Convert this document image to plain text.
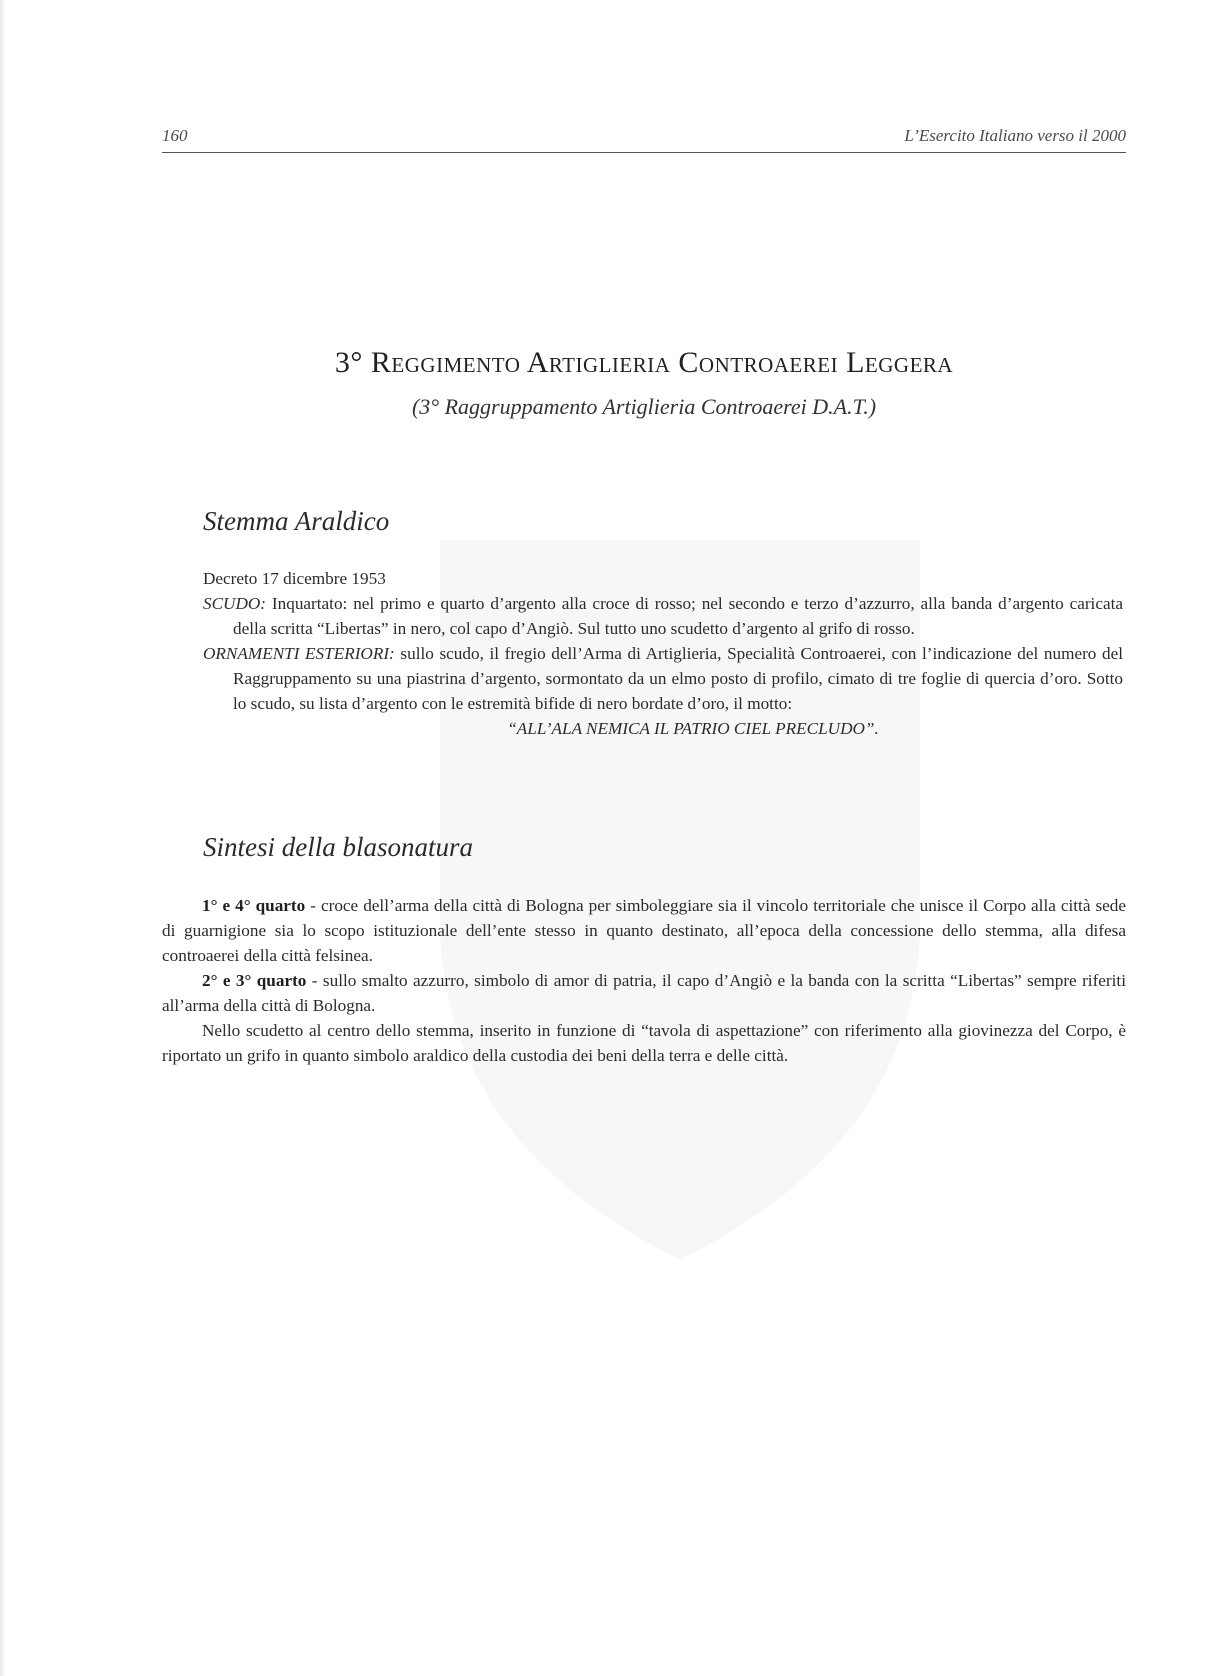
160	L’Esercito Italiano verso il 2000
3° Reggimento Artiglieria Controaerei Leggera
(3° Raggruppamento Artiglieria Controaerei D.A.T.)
Stemma Araldico
Decreto 17 dicembre 1953
SCUDO: Inquartato: nel primo e quarto d’argento alla croce di rosso; nel secondo e terzo d’azzurro, alla banda d’argento caricata della scritta “Libertas” in nero, col capo d’Angiò. Sul tutto uno scudetto d’argento al grifo di rosso.
ORNAMENTI ESTERIORI: sullo scudo, il fregio dell’Arma di Artiglieria, Specialità Controaerei, con l’indicazione del numero del Raggruppamento su una piastrina d’argento, sormontato da un elmo posto di profilo, cimato di tre foglie di quercia d’oro. Sotto lo scudo, su lista d’argento con le estremità bifide di nero bordate d’oro, il motto:
“ALL’ALA NEMICA IL PATRIO CIEL PRECLUDO”.
Sintesi della blasonatura

1° e 4° quarto - croce dell’arma della città di Bologna per simboleggiare sia il vincolo territoriale che unisce il Corpo alla città sede di guarnigione sia lo scopo istituzionale dell’ente stesso in quanto destinato, all’epoca della concessione dello stemma, alla difesa controaerei della città felsinea.

2° e 3° quarto - sullo smalto azzurro, simbolo di amor di patria, il capo d’Angiò e la banda con la scritta “Libertas” sempre riferiti all’arma della città di Bologna.

Nello scudetto al centro dello stemma, inserito in funzione di “tavola di aspettazione” con riferimento alla giovinezza del Corpo, è riportato un grifo in quanto simbolo araldico della custodia dei beni della terra e delle città.
